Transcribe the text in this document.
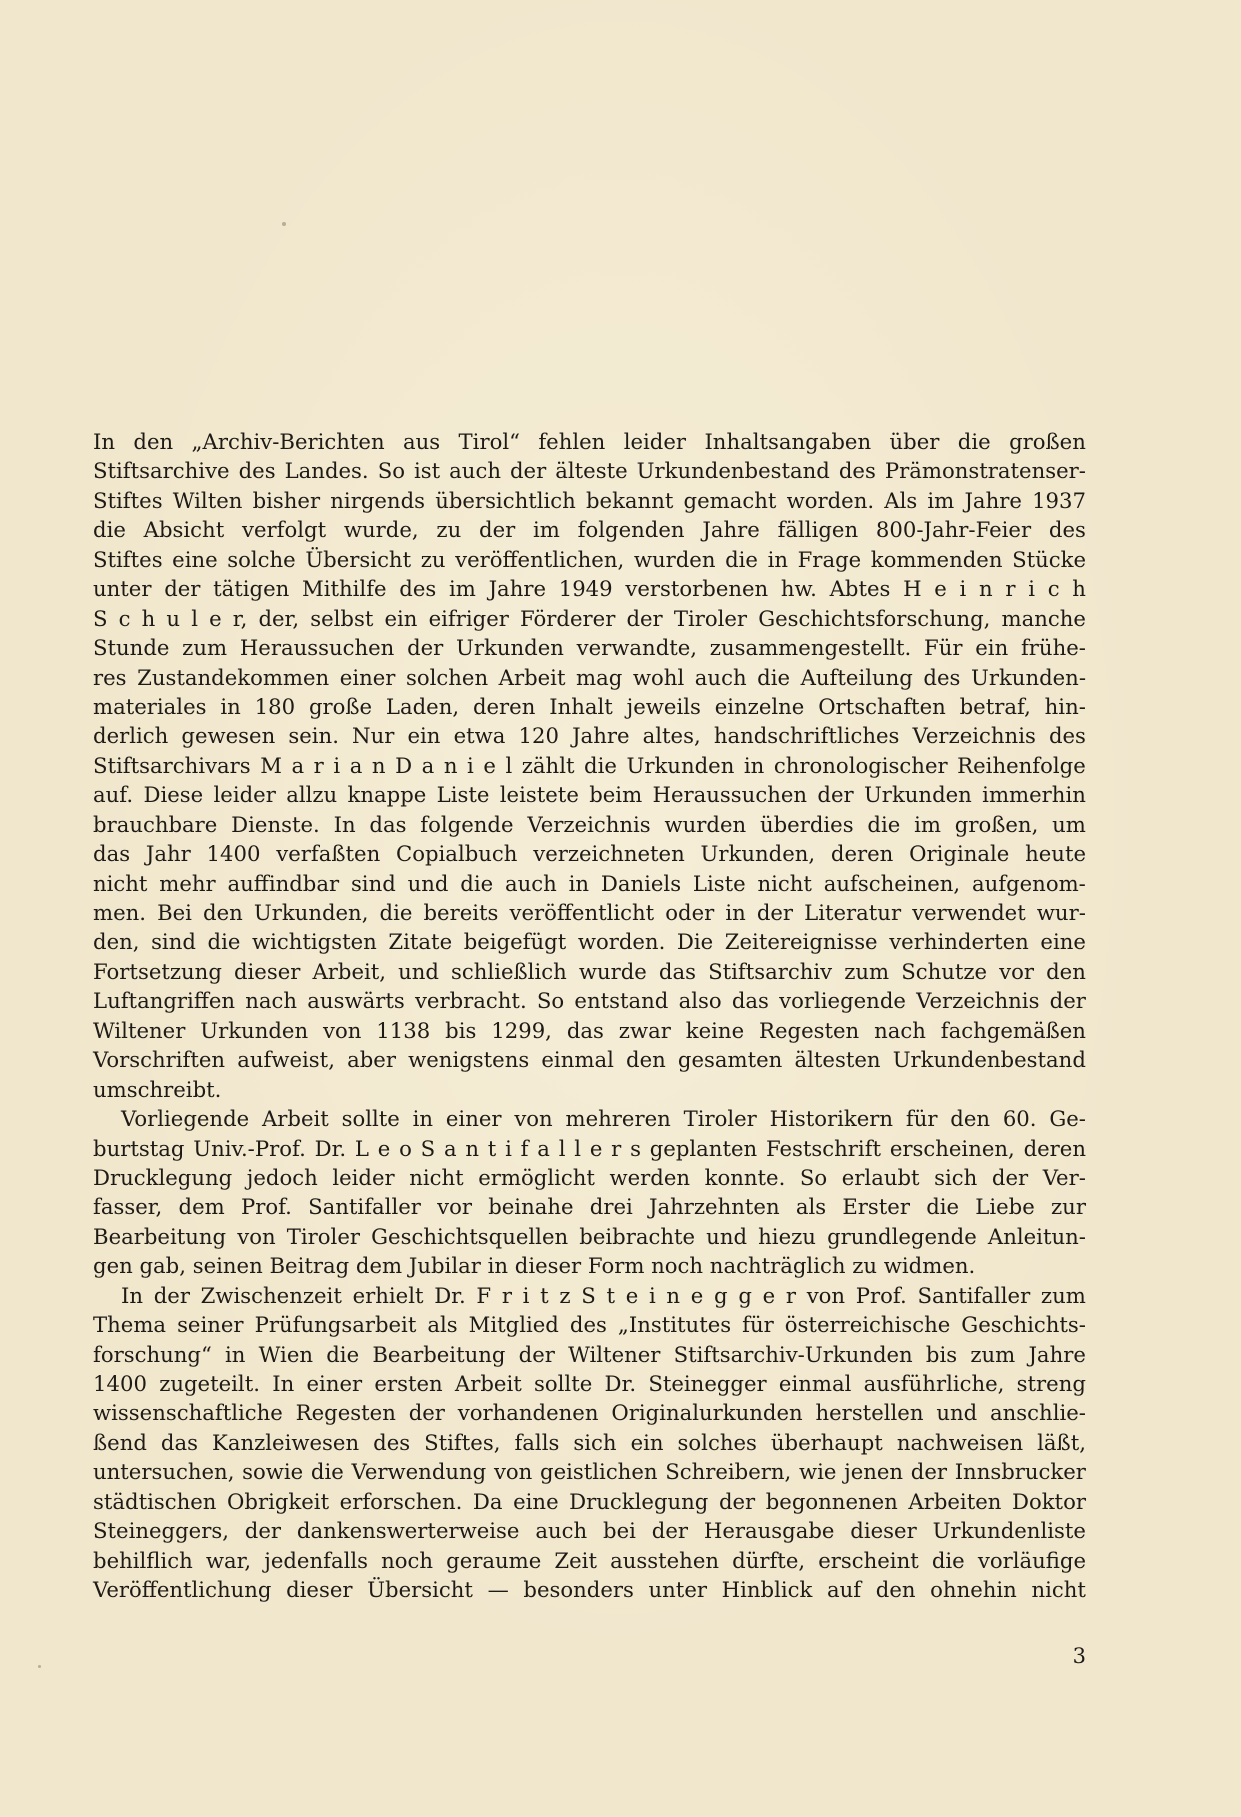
In den „Archiv-Berichten aus Tirol“ fehlen leider Inhaltsangaben über die großen
Stiftsarchive des Landes. So ist auch der älteste Urkundenbestand des Prämonstratenser-
Stiftes Wilten bisher nirgends übersichtlich bekannt gemacht worden. Als im Jahre 1937
die Absicht verfolgt wurde, zu der im folgenden Jahre fälligen 800-Jahr-Feier des
Stiftes eine solche Übersicht zu veröffentlichen, wurden die in Frage kommenden Stücke
unter der tätigen Mithilfe des im Jahre 1949 verstorbenen hw. Abtes H e i n r i c h
S c h u l e r, der, selbst ein eifriger Förderer der Tiroler Geschichtsforschung, manche
Stunde zum Heraussuchen der Urkunden verwandte, zusammengestellt. Für ein frühe-
res Zustandekommen einer solchen Arbeit mag wohl auch die Aufteilung des Urkunden-
materiales in 180 große Laden, deren Inhalt jeweils einzelne Ortschaften betraf, hin-
derlich gewesen sein. Nur ein etwa 120 Jahre altes, handschriftliches Verzeichnis des
Stiftsarchivars M a r i a n D a n i e l zählt die Urkunden in chronologischer Reihenfolge
auf. Diese leider allzu knappe Liste leistete beim Heraussuchen der Urkunden immerhin
brauchbare Dienste. In das folgende Verzeichnis wurden überdies die im großen, um
das Jahr 1400 verfaßten Copialbuch verzeichneten Urkunden, deren Originale heute
nicht mehr auffindbar sind und die auch in Daniels Liste nicht aufscheinen, aufgenom-
men. Bei den Urkunden, die bereits veröffentlicht oder in der Literatur verwendet wur-
den, sind die wichtigsten Zitate beigefügt worden. Die Zeitereignisse verhinderten eine
Fortsetzung dieser Arbeit, und schließlich wurde das Stiftsarchiv zum Schutze vor den
Luftangriffen nach auswärts verbracht. So entstand also das vorliegende Verzeichnis der
Wiltener Urkunden von 1138 bis 1299, das zwar keine Regesten nach fachgemäßen
Vorschriften aufweist, aber wenigstens einmal den gesamten ältesten Urkundenbestand
umschreibt.
Vorliegende Arbeit sollte in einer von mehreren Tiroler Historikern für den 60. Ge-
burtstag Univ.-Prof. Dr. L e o S a n t i f a l l e r s geplanten Festschrift erscheinen, deren
Drucklegung jedoch leider nicht ermöglicht werden konnte. So erlaubt sich der Ver-
fasser, dem Prof. Santifaller vor beinahe drei Jahrzehnten als Erster die Liebe zur
Bearbeitung von Tiroler Geschichtsquellen beibrachte und hiezu grundlegende Anleitun-
gen gab, seinen Beitrag dem Jubilar in dieser Form noch nachträglich zu widmen.
In der Zwischenzeit erhielt Dr. F r i t z S t e i n e g g e r von Prof. Santifaller zum
Thema seiner Prüfungsarbeit als Mitglied des „Institutes für österreichische Geschichts-
forschung“ in Wien die Bearbeitung der Wiltener Stiftsarchiv-Urkunden bis zum Jahre
1400 zugeteilt. In einer ersten Arbeit sollte Dr. Steinegger einmal ausführliche, streng
wissenschaftliche Regesten der vorhandenen Originalurkunden herstellen und anschlie-
ßend das Kanzleiwesen des Stiftes, falls sich ein solches überhaupt nachweisen läßt,
untersuchen, sowie die Verwendung von geistlichen Schreibern, wie jenen der Innsbrucker
städtischen Obrigkeit erforschen. Da eine Drucklegung der begonnenen Arbeiten Doktor
Steineggers, der dankenswerterweise auch bei der Herausgabe dieser Urkundenliste
behilflich war, jedenfalls noch geraume Zeit ausstehen dürfte, erscheint die vorläufige
Veröffentlichung dieser Übersicht — besonders unter Hinblick auf den ohnehin nicht
3
